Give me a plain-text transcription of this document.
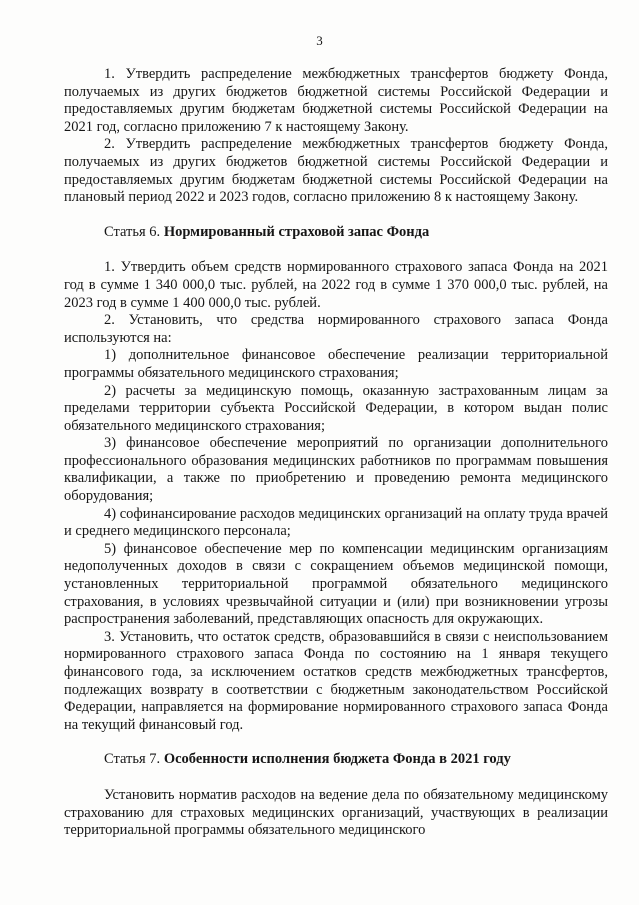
3

1. Утвердить распределение межбюджетных трансфертов бюджету Фонда, получаемых из других бюджетов бюджетной системы Российской Федерации и предоставляемых другим бюджетам бюджетной системы Российской Федерации на 2021 год, согласно приложению 7 к настоящему Закону.

2. Утвердить распределение межбюджетных трансфертов бюджету Фонда, получаемых из других бюджетов бюджетной системы Российской Федерации и предоставляемых другим бюджетам бюджетной системы Российской Федерации на плановый период 2022 и 2023 годов, согласно приложению 8 к настоящему Закону.

Статья 6. Нормированный страховой запас Фонда

1. Утвердить объем средств нормированного страхового запаса Фонда на 2021 год в сумме 1 340 000,0 тыс. рублей, на 2022 год в сумме 1 370 000,0 тыс. рублей, на 2023 год в сумме 1 400 000,0 тыс. рублей.

2. Установить, что средства нормированного страхового запаса Фонда используются на:

1) дополнительное финансовое обеспечение реализации территориальной программы обязательного медицинского страхования;

2) расчеты за медицинскую помощь, оказанную застрахованным лицам за пределами территории субъекта Российской Федерации, в котором выдан полис обязательного медицинского страхования;

3) финансовое обеспечение мероприятий по организации дополнительного профессионального образования медицинских работников по программам повышения квалификации, а также по приобретению и проведению ремонта медицинского оборудования;

4) софинансирование расходов медицинских организаций на оплату труда врачей и среднего медицинского персонала;

5) финансовое обеспечение мер по компенсации медицинским организациям недополученных доходов в связи с сокращением объемов медицинской помощи, установленных территориальной программой обязательного медицинского страхования, в условиях чрезвычайной ситуации и (или) при возникновении угрозы распространения заболеваний, представляющих опасность для окружающих.

3. Установить, что остаток средств, образовавшийся в связи с неиспользованием нормированного страхового запаса Фонда по состоянию на 1 января текущего финансового года, за исключением остатков средств межбюджетных трансфертов, подлежащих возврату в соответствии с бюджетным законодательством Российской Федерации, направляется на формирование нормированного страхового запаса Фонда на текущий финансовый год.

Статья 7. Особенности исполнения бюджета Фонда в 2021 году

Установить норматив расходов на ведение дела по обязательному медицинскому страхованию для страховых медицинских организаций, участвующих в реализации территориальной программы обязательного медицинского
